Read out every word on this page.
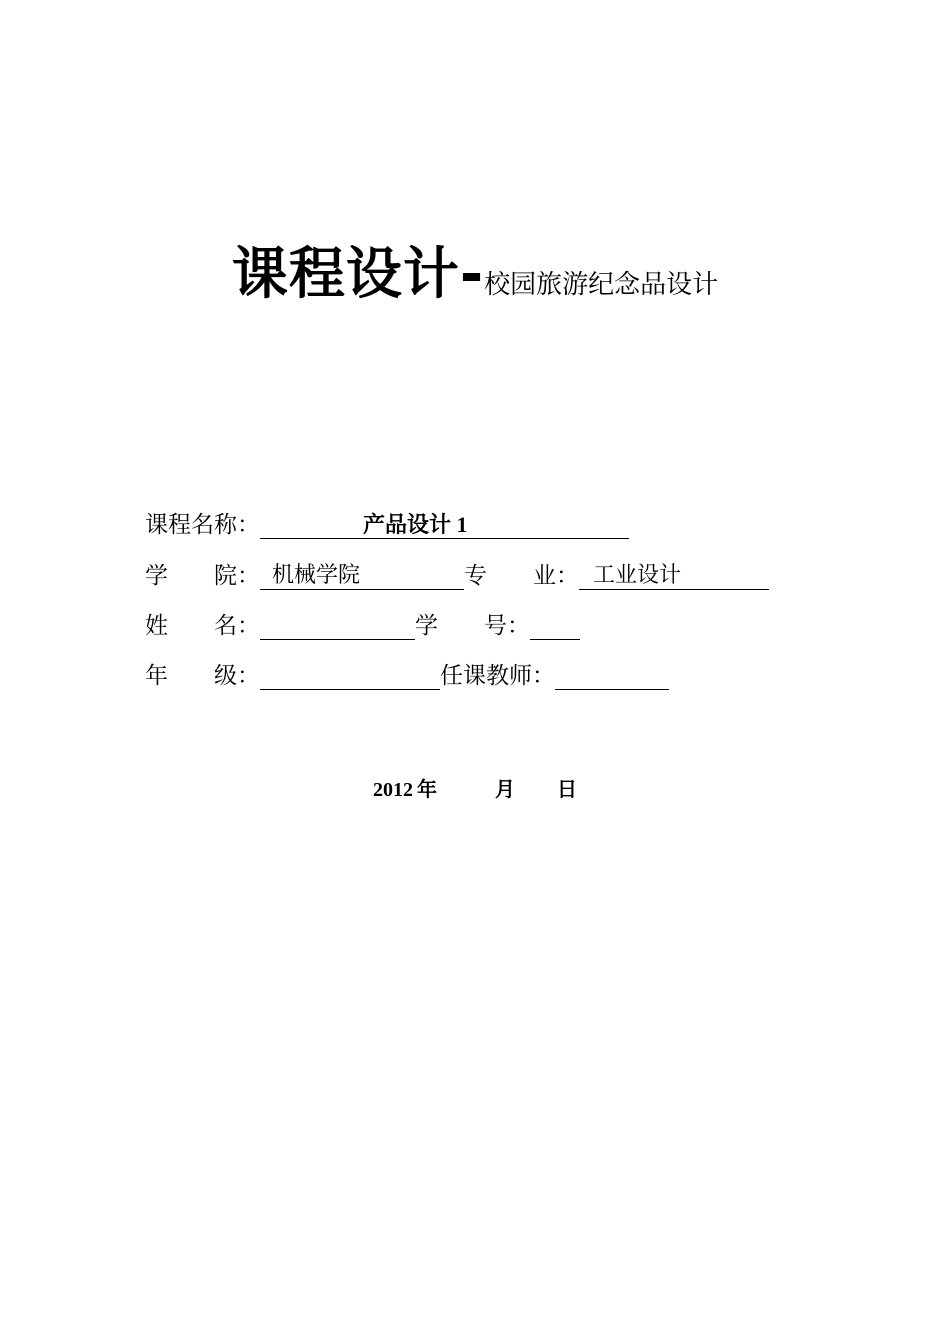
课程设计-校园旅游纪念品设计
课程名称：	产品设计 1
学　　院： 机械学院	专　　业： 工业设计
姓　　名：	学　　号：
年　　级：	任课教师：
2012 年	月 日
